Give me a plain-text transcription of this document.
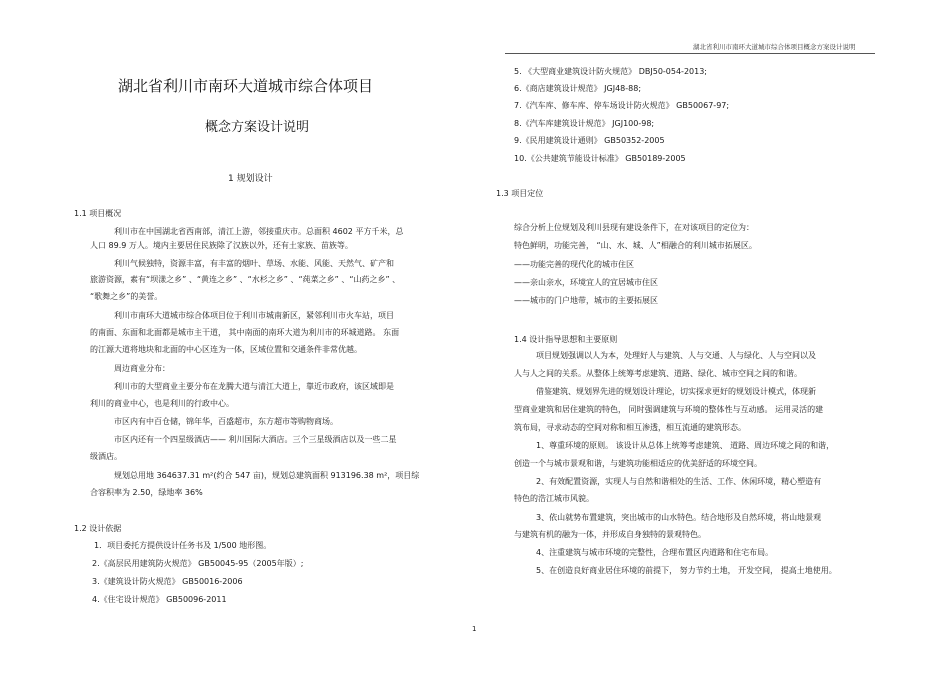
湖北省利川市南环大道城市综合体项目概念方案设计说明
湖北省利川市南环大道城市综合体项目
概念方案设计说明
1 规划设计
1.1 项目概况
利川市在中国湖北省西南部，清江上游，邻接重庆市。总面积 4602 平方千米，总
人口 89.9 万人。境内主要居住民族除了汉族以外，还有土家族、苗族等。
利川气候独特，资源丰富，有丰富的烟叶、草场、水能、风能、天然气、矿产和
旅游资源，素有“坝漾之乡” 、“黄连之乡” 、“水杉之乡” 、“莼菜之乡” 、“山药之乡” 、
“歌舞之乡”的美誉。
利川市南环大道城市综合体项目位于利川市城南新区，紧邻利川市火车站，项目
的南面、东面和北面都是城市主干道， 其中南面的南环大道为利川市的环城道路。 东面
的江源大道将地块和北面的中心区连为一体，区域位置和交通条件非常优越。
周边商业分布：
利川市的大型商业主要分布在龙腾大道与清江大道上，靠近市政府，该区域即是
利川的商业中心，也是利川的行政中心。
市区内有中百仓储，锦年华，百盛超市，东方超市等购物商场。
市区内还有一个四星级酒店—— 利川国际大酒店。三个三星级酒店以及一些二星
级酒店。
规划总用地 364637.31 m²(约合 547 亩)，规划总建筑面积 913196.38 m²，项目综
合容积率为 2.50，绿地率 36%
1.2 设计依据
1．项目委托方提供设计任务书及 1/500 地形图。
2.《高层民用建筑防火规范》 GB50045-95（2005年版）;
3.《建筑设计防火规范》 GB50016-2006
4.《住宅设计规范》 GB50096-2011
5. 《大型商业建筑设计防火规范》 DBJ50-054-2013;
6.《商店建筑设计规范》 JGJ48-88;
7.《汽车库、修车库、停车场设计防火规范》 GB50067-97;
8.《汽车库建筑设计规范》 JGJ100-98;
9.《民用建筑设计通则》 GB50352-2005
10.《公共建筑节能设计标准》 GB50189-2005
1.3 项目定位
综合分析上位规划及利川县现有建设条件下，在对该项目的定位为：
特色鲜明，功能完善， “山、水、城、人”相融合的利川城市拓展区。
——功能完善的现代化的城市住区
——亲山亲水，环境宜人的宜居城市住区
——城市的门户地带，城市的主要拓展区
1.4 设计指导思想和主要原则
项目规划强调以人为本，处理好人与建筑、人与交通、人与绿化、人与空间以及
人与人之间的关系。从整体上统筹考虑建筑、道路、绿化、城市空间之间的和谐。
借鉴建筑、规划界先进的规划设计理论，切实探求更好的规划设计模式，体现新
型商业建筑和居住建筑的特色， 同时强调建筑与环境的整体性与互动感。 运用灵活的建
筑布局，寻求动态的空间对称和相互渗透，相互流通的建筑形态。
1、尊重环境的原则。 该设计从总体上统筹考虑建筑、 道路、周边环境之间的和谐，
创造一个与城市景观和谐，与建筑功能相适应的优美舒适的环境空间。
2、有效配置资源，实现人与自然和谐相处的生活、工作、休闲环境，精心塑造有
特色的浩江城市风貌。
3、依山就势布置建筑，突出城市的山水特色。结合地形及自然环境，将山地景观
与建筑有机的融为一体，并形成自身独特的景观特色。
4、注重建筑与城市环境的完整性，合理布置区内道路和住宅布局。
5、在创造良好商业居住环境的前提下， 努力节约土地， 开发空间， 提高土地使用。
1
